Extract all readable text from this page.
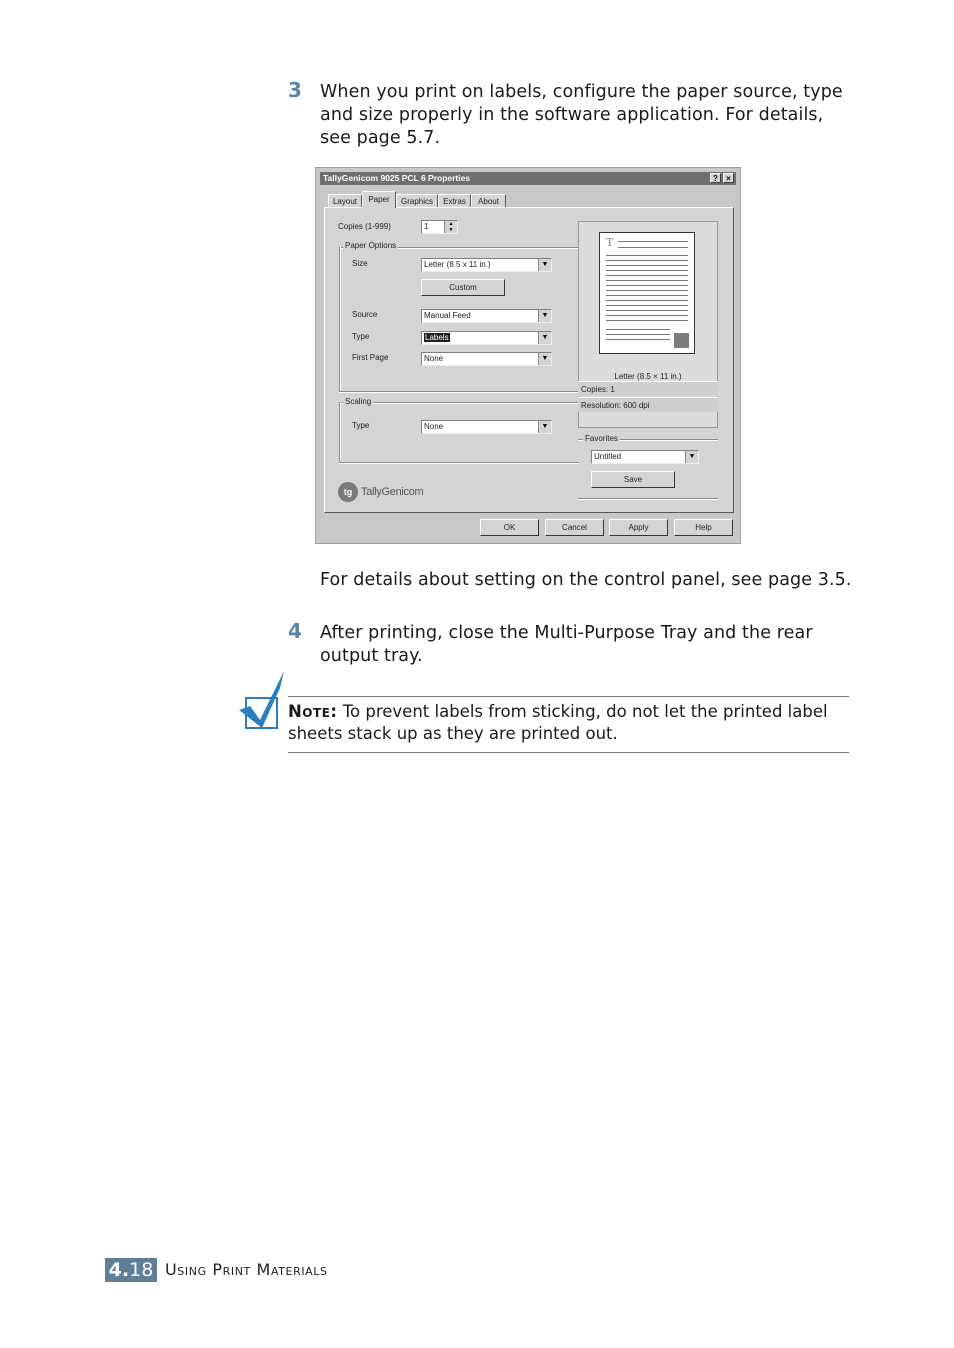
3 When you print on labels, configure the paper source, type
and size properly in the software application. For details,
see page 5.7.
TallyGenicom 9025 PCL 6 Properties	?	×
Layout	Paper	Graphics	Extras	About
Copies (1-999)	1	▲
▼
Paper Options
Size	Letter (8.5 x 11 in.)	▼
Custom
Source	Manual Feed	▼
Type	Labels	▼
First Page	None	▼
Scaling
Type	None	▼
tg TallyGenicom
T
Letter (8.5 × 11 in.)
Copies: 1
Resolution: 600 dpi
Favorites
Untitled	▼
Save
OK	Cancel	Apply	Help
For details about setting on the control panel, see page 3.5.
4 After printing, close the Multi-Purpose Tray and the rear
output tray.
Note: To prevent labels from sticking, do not let the printed label
sheets stack up as they are printed out.
4.18 Using Print Materials
